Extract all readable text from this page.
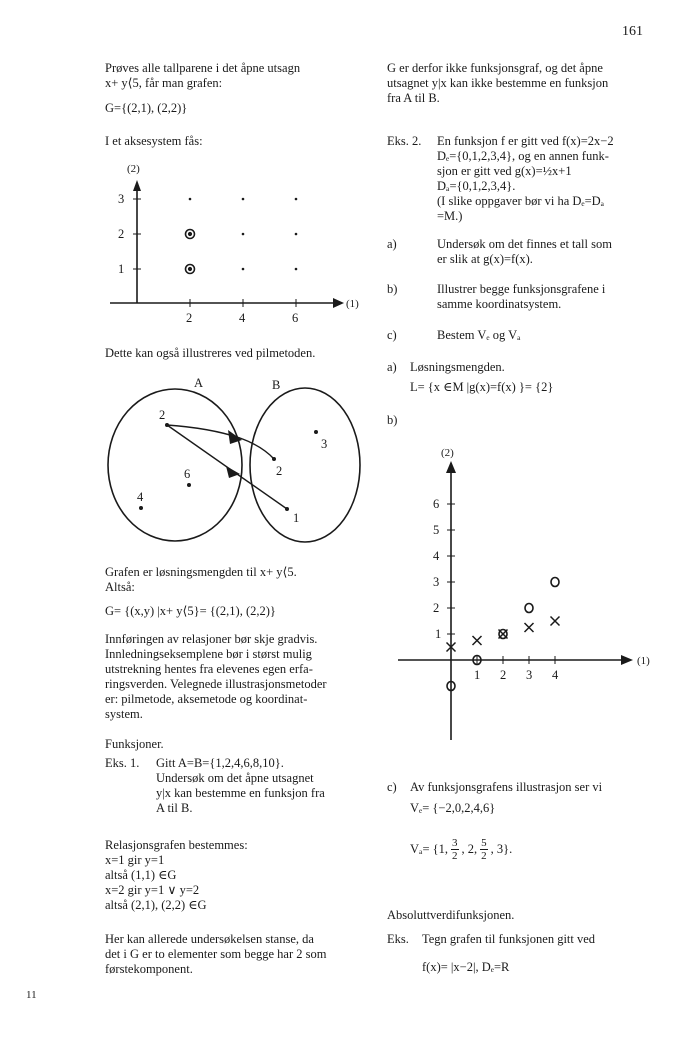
161
Prøves alle tallparene i det åpne utsagn
x+ y⟨5, får man grafen:
G={(2,1), (2,2)}
I et aksesystem fås:
(2)
(1)
3
2
1
2	4	6
Dette kan også illustreres ved pilmetoden.
A	B
2
6
4
3
2
1
Grafen er løsningsmengden til x+ y⟨5.
Altså:
G= {(x,y) |x+ y⟨5}= {(2,1), (2,2)}
Innføringen av relasjoner bør skje gradvis.
Innledningseksemplene bør i størst mulig
utstrekning hentes fra elevenes egen erfa-
ringsverden. Velegnede illustrasjonsmetoder
er: pilmetode, aksemetode og koordinat-
system.
Funksjoner.
Eks. 1. Gitt A=B={1,2,4,6,8,10}.
Undersøk om det åpne utsagnet
y|x kan bestemme en funksjon fra
A til B.
Relasjonsgrafen bestemmes:
x=1 gir y=1
altså (1,1) ∈G
x=2 gir y=1 ∨ y=2
altså (2,1), (2,2) ∈G
Her kan allerede undersøkelsen stanse, da
det i G er to elementer som begge har 2 som
førstekomponent.
11
G er derfor ikke funksjonsgraf, og det åpne
utsagnet y|x kan ikke bestemme en funksjon
fra A til B.
Eks. 2. En funksjon f er gitt ved f(x)=2x−2
Dₑ={0,1,2,3,4}, og en annen funk-
sjon er gitt ved g(x)=½x+1
Dₐ={0,1,2,3,4}.
(I slike oppgaver bør vi ha Dₑ=Dₐ
=M.)
a)	Undersøk om det finnes et tall som
er slik at g(x)=f(x).
b)	Illustrer begge funksjonsgrafene i
samme koordinatsystem.
c)	Bestem Vₑ og Vₐ
a) Løsningsmengden.
L= {x ∈M |g(x)=f(x) }= {2}
b)
(2)
(1)
6
5
4
3
2
1
1 2 3 4
c) Av funksjonsgrafens illustrasjon ser vi
Vₑ= {−2,0,2,4,6}
Vₐ= {1, $\frac{3}{2}$ , 2, $\frac{5}{2}$ , 3}.
Absoluttverdifunksjonen.
Eks. Tegn grafen til funksjonen gitt ved
f(x)= |x−2|, Dₑ=R
